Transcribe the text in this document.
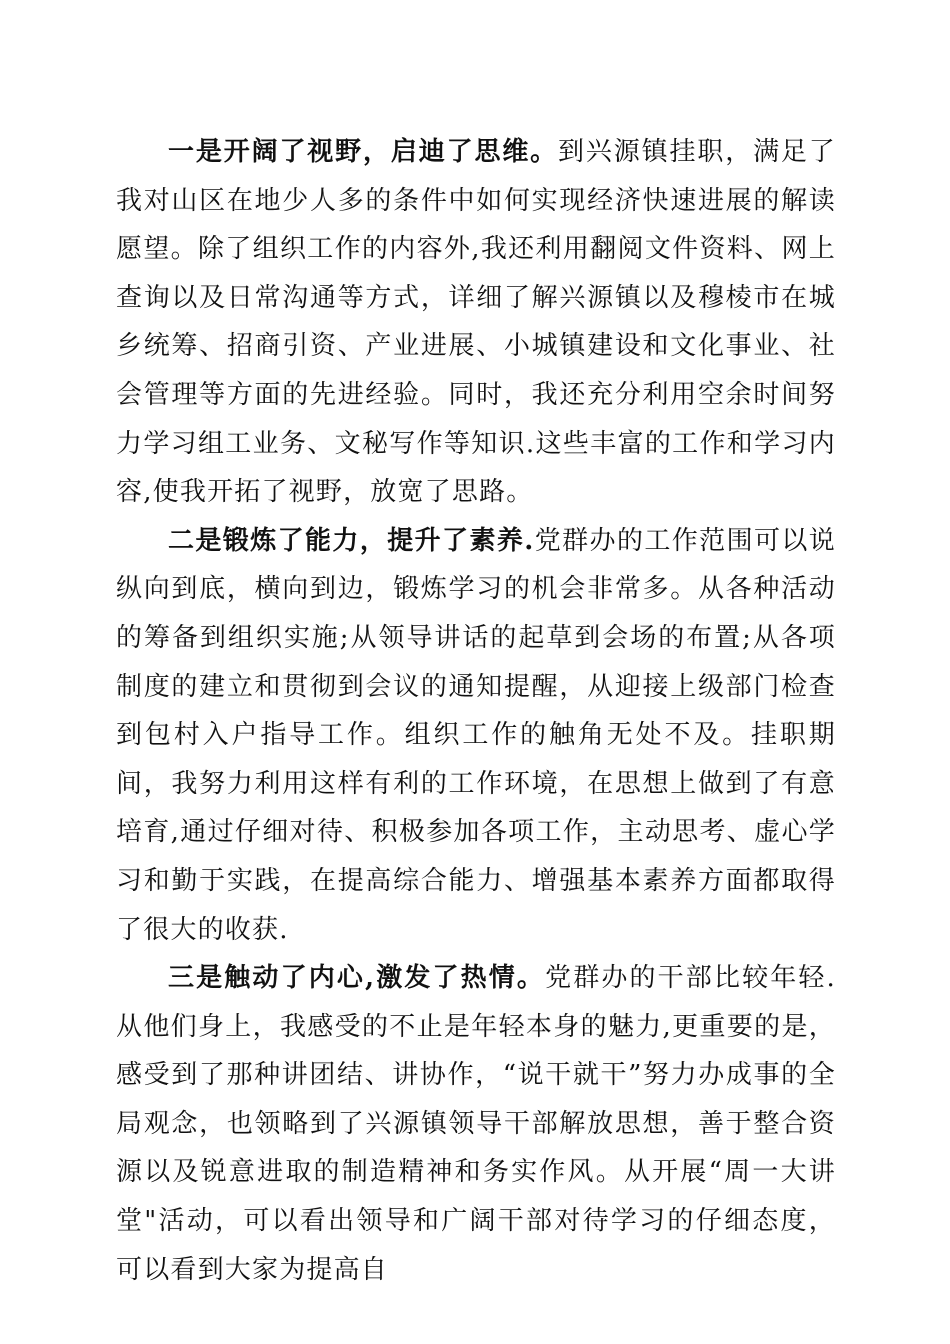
一是开阔了视野，启迪了思维。到兴源镇挂职，满足了我对山区在地少人多的条件中如何实现经济快速进展的解读愿望。除了组织工作的内容外,我还利用翻阅文件资料、网上查询以及日常沟通等方式，详细了解兴源镇以及穆棱市在城乡统筹、招商引资、产业进展、小城镇建设和文化事业、社会管理等方面的先进经验。同时，我还充分利用空余时间努力学习组工业务、文秘写作等知识.这些丰富的工作和学习内容,使我开拓了视野，放宽了思路。

二是锻炼了能力，提升了素养.党群办的工作范围可以说纵向到底，横向到边，锻炼学习的机会非常多。从各种活动的筹备到组织实施;从领导讲话的起草到会场的布置;从各项制度的建立和贯彻到会议的通知提醒，从迎接上级部门检查到包村入户指导工作。组织工作的触角无处不及。挂职期间，我努力利用这样有利的工作环境，在思想上做到了有意培育,通过仔细对待、积极参加各项工作，主动思考、虚心学习和勤于实践，在提高综合能力、增强基本素养方面都取得了很大的收获.

三是触动了内心,激发了热情。党群办的干部比较年轻.从他们身上，我感受的不止是年轻本身的魅力,更重要的是，感受到了那种讲团结、讲协作，“说干就干”努力办成事的全局观念，也领略到了兴源镇领导干部解放思想，善于整合资源以及锐意进取的制造精神和务实作风。从开展“周一大讲堂"活动，可以看出领导和广阔干部对待学习的仔细态度，可以看到大家为提高自
